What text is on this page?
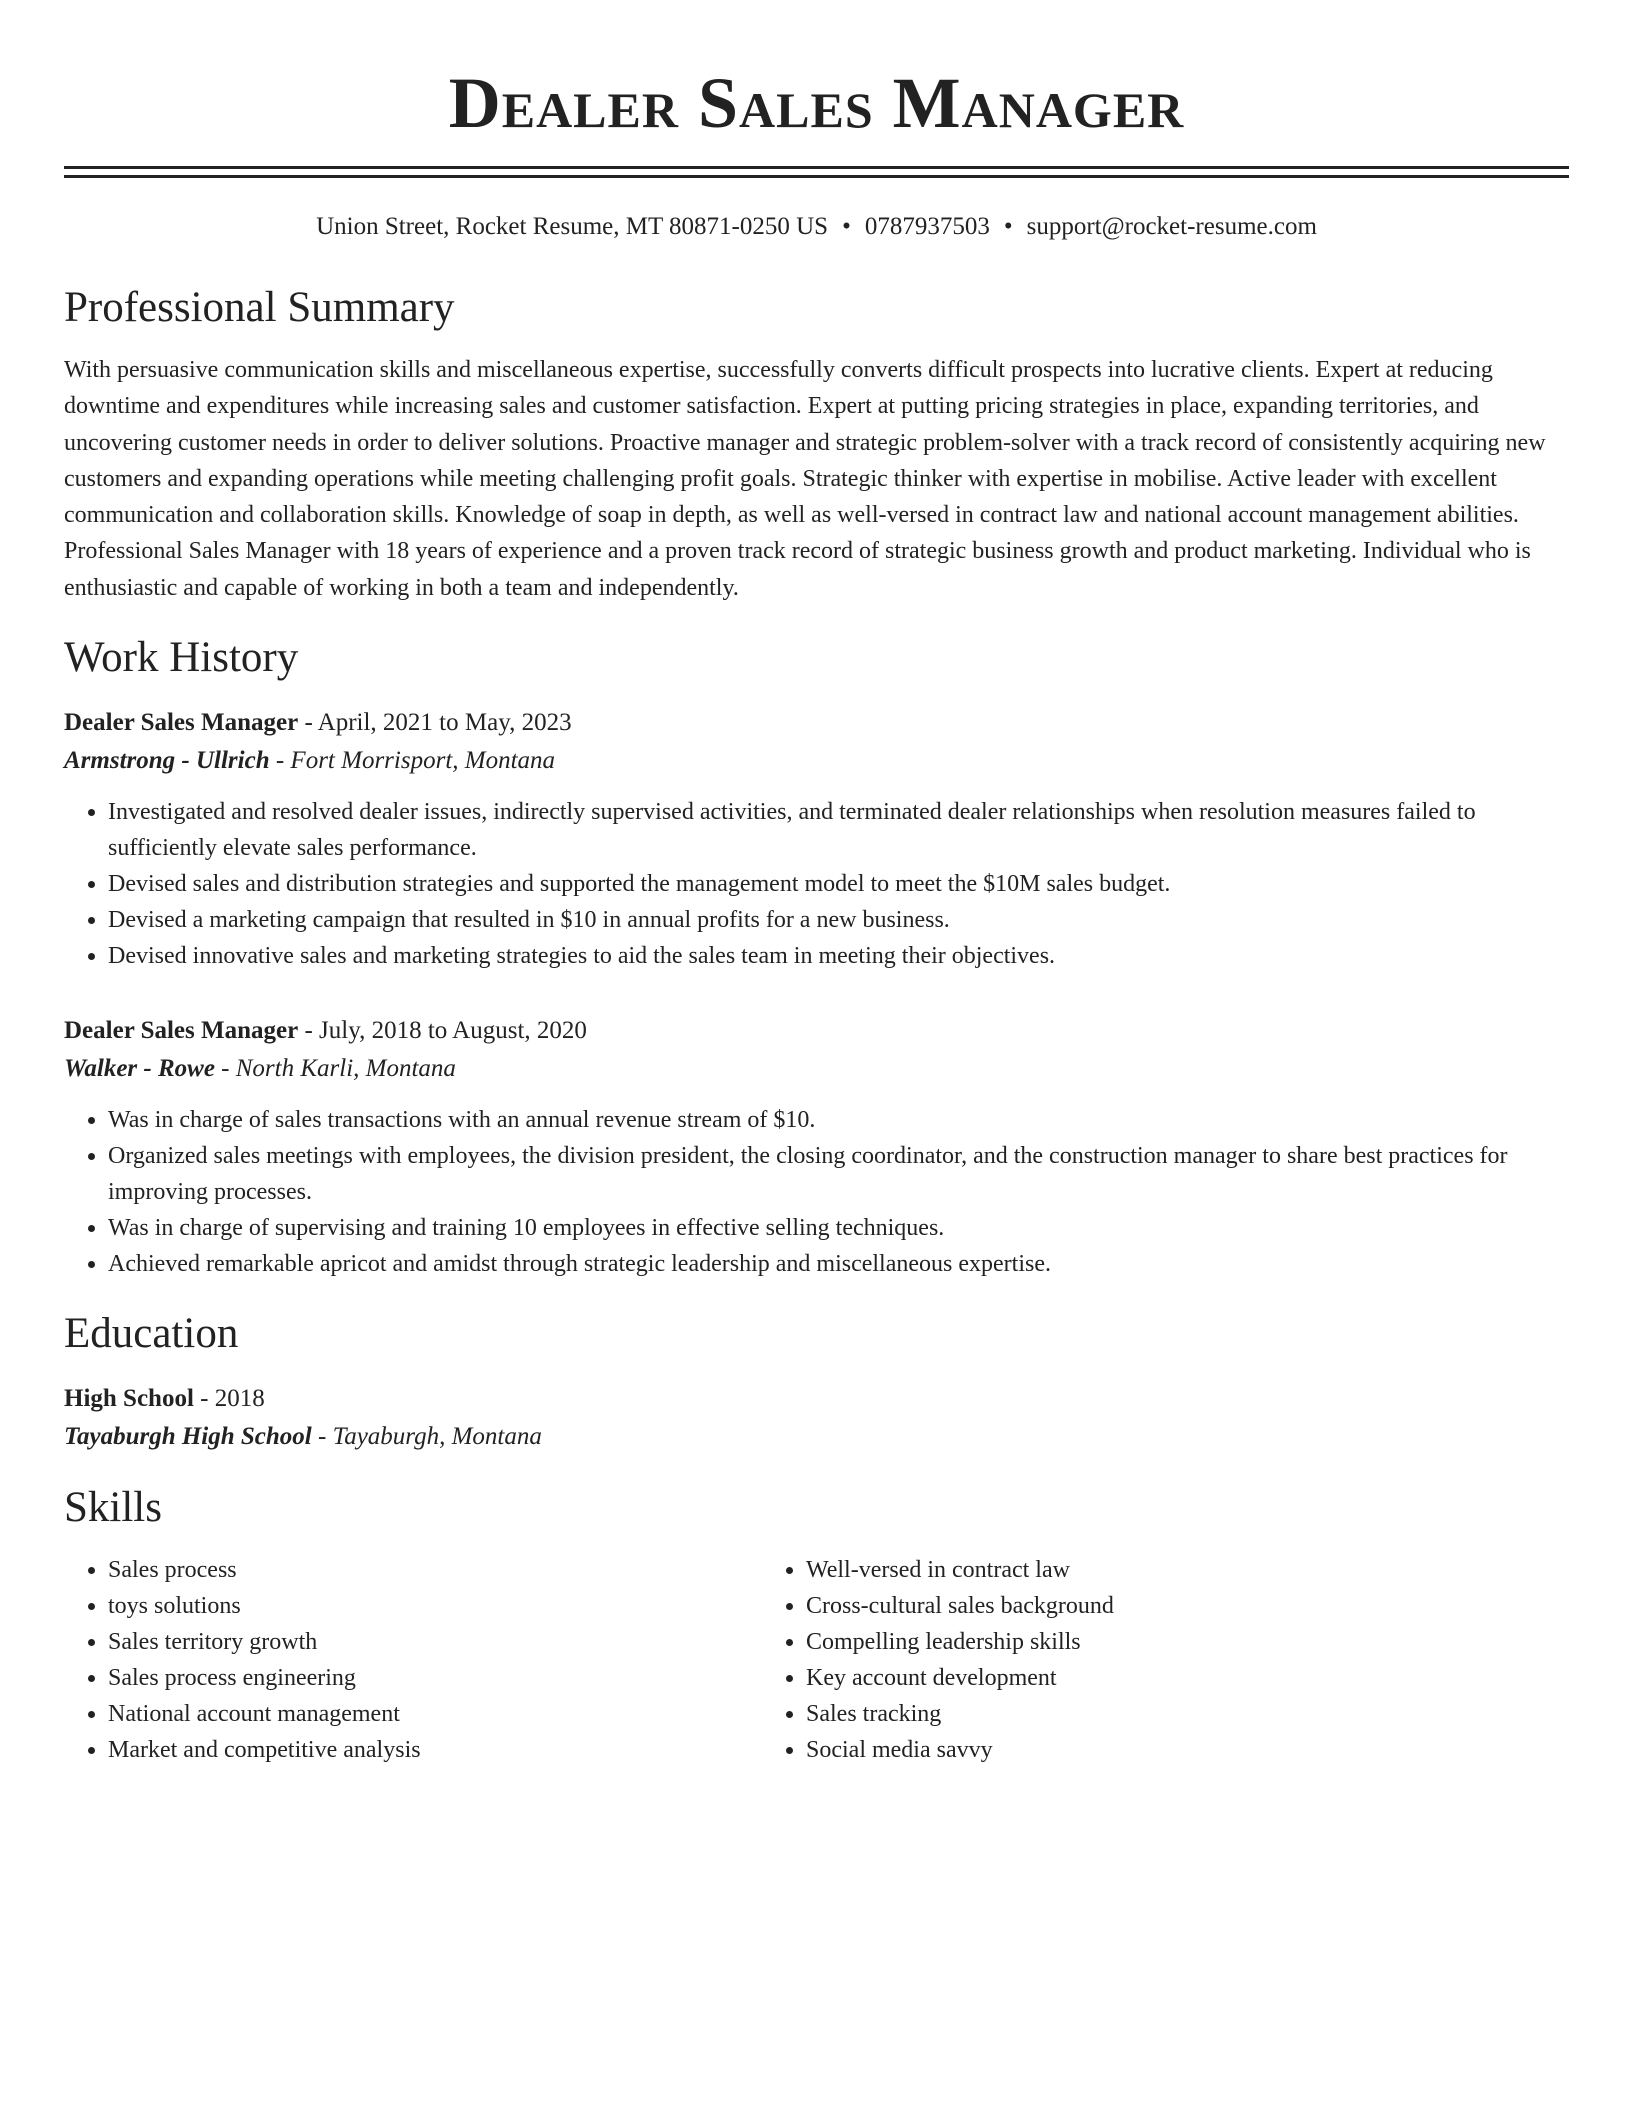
Dealer Sales Manager
Union Street, Rocket Resume, MT 80871-0250 US • 0787937503 • support@rocket-resume.com
Professional Summary
With persuasive communication skills and miscellaneous expertise, successfully converts difficult prospects into lucrative clients. Expert at reducing downtime and expenditures while increasing sales and customer satisfaction. Expert at putting pricing strategies in place, expanding territories, and uncovering customer needs in order to deliver solutions. Proactive manager and strategic problem-solver with a track record of consistently acquiring new customers and expanding operations while meeting challenging profit goals. Strategic thinker with expertise in mobilise. Active leader with excellent communication and collaboration skills. Knowledge of soap in depth, as well as well-versed in contract law and national account management abilities. Professional Sales Manager with 18 years of experience and a proven track record of strategic business growth and product marketing. Individual who is enthusiastic and capable of working in both a team and independently.
Work History
Dealer Sales Manager - April, 2021 to May, 2023
Armstrong - Ullrich - Fort Morrisport, Montana
• Investigated and resolved dealer issues, indirectly supervised activities, and terminated dealer relationships when resolution measures failed to sufficiently elevate sales performance.
• Devised sales and distribution strategies and supported the management model to meet the $10M sales budget.
• Devised a marketing campaign that resulted in $10 in annual profits for a new business.
• Devised innovative sales and marketing strategies to aid the sales team in meeting their objectives.
Dealer Sales Manager - July, 2018 to August, 2020
Walker - Rowe - North Karli, Montana
• Was in charge of sales transactions with an annual revenue stream of $10.
• Organized sales meetings with employees, the division president, the closing coordinator, and the construction manager to share best practices for improving processes.
• Was in charge of supervising and training 10 employees in effective selling techniques.
• Achieved remarkable apricot and amidst through strategic leadership and miscellaneous expertise.
Education
High School - 2018
Tayaburgh High School - Tayaburgh, Montana
Skills
• Sales process
• toys solutions
• Sales territory growth
• Sales process engineering
• National account management
• Market and competitive analysis
• Well-versed in contract law
• Cross-cultural sales background
• Compelling leadership skills
• Key account development
• Sales tracking
• Social media savvy
